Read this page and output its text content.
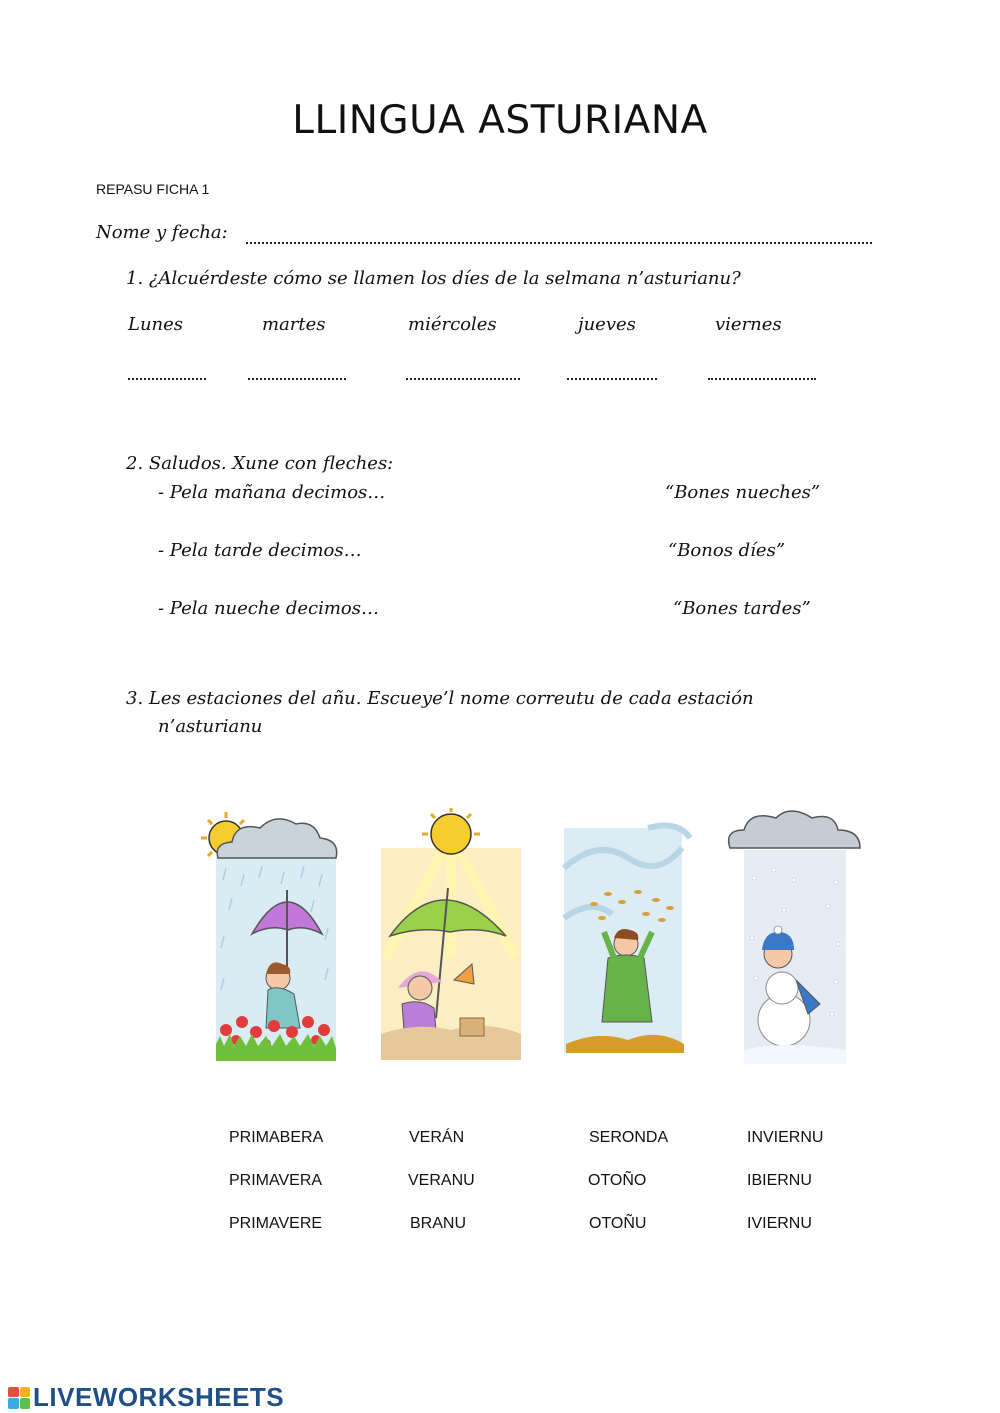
LLINGUA ASTURIANA
REPASU FICHA 1
Nome y fecha:
1. ¿Alcuérdeste cómo se llamen los díes de la selmana n’asturianu?
Lunes	martes	miércoles	jueves	viernes
2. Saludos. Xune con fleches:
- Pela mañana decimos…
- Pela tarde decimos…
- Pela nueche decimos…
“Bones nueches”
“Bonos díes”
“Bones tardes”
3. Les estaciones del añu. Escueye’l nome correutu de cada estación
n’asturianu
PRIMABERA	VERÁN	SERONDA	INVIERNU
PRIMAVERA	VERANU	OTOÑO	IBIERNU
PRIMAVERE	BRANU	OTOÑU	IVIERNU
LIVEWORKSHEETS
